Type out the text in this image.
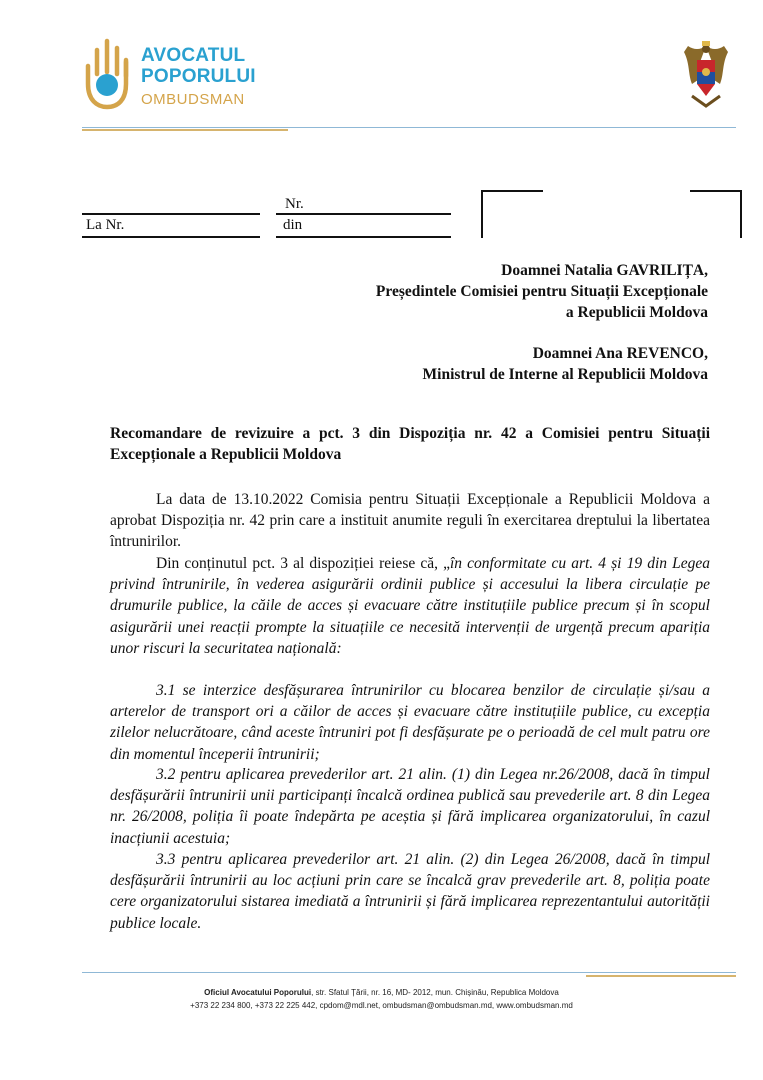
AVOCATUL
POPORULUI
OMBUDSMAN
Nr.
La Nr.	din
Doamnei Natalia GAVRILIȚA,
Președintele Comisiei pentru Situații Excepționale
a Republicii Moldova
Doamnei Ana REVENCO,
Ministrul de Interne al Republicii Moldova
Recomandare de revizuire a pct. 3 din Dispoziția nr. 42 a Comisiei pentru Situații Excepționale a Republicii Moldova
La data de 13.10.2022 Comisia pentru Situații Excepționale a Republicii Moldova a aprobat Dispoziția nr. 42 prin care a instituit anumite reguli în exercitarea dreptului la libertatea întrunirilor.
Din conținutul pct. 3 al dispoziției reiese că, „în conformitate cu art. 4 și 19 din Legea privind întrunirile, în vederea asigurării ordinii publice și accesului la libera circulație pe drumurile publice, la căile de acces și evacuare către instituțiile publice precum și în scopul asigurării unei reacții prompte la situațiile ce necesită intervenții de urgență precum apariția unor riscuri la securitatea națională:
3.1 se interzice desfășurarea întrunirilor cu blocarea benzilor de circulație și/sau a arterelor de transport ori a căilor de acces și evacuare către instituțiile publice, cu excepția zilelor nelucrătoare, când aceste întruniri pot fi desfășurate pe o perioadă de cel mult patru ore din momentul începerii întrunirii;
3.2 pentru aplicarea prevederilor art. 21 alin. (1) din Legea nr.26/2008, dacă în timpul desfășurării întrunirii unii participanți încalcă ordinea publică sau prevederile art. 8 din Legea nr. 26/2008, poliția îi poate îndepărta pe aceștia și fără implicarea organizatorului, în cazul inacțiunii acestuia;
3.3 pentru aplicarea prevederilor art. 21 alin. (2) din Legea 26/2008, dacă în timpul desfășurării întrunirii au loc acțiuni prin care se încalcă grav prevederile art. 8, poliția poate cere organizatorului sistarea imediată a întrunirii și fără implicarea reprezentantului autorității publice locale.
Oficiul Avocatului Poporului, str. Sfatul Țării, nr. 16, MD- 2012, mun. Chișinău, Republica Moldova
+373 22 234 800, +373 22 225 442, cpdom@mdl.net, ombudsman@ombudsman.md, www.ombudsman.md
